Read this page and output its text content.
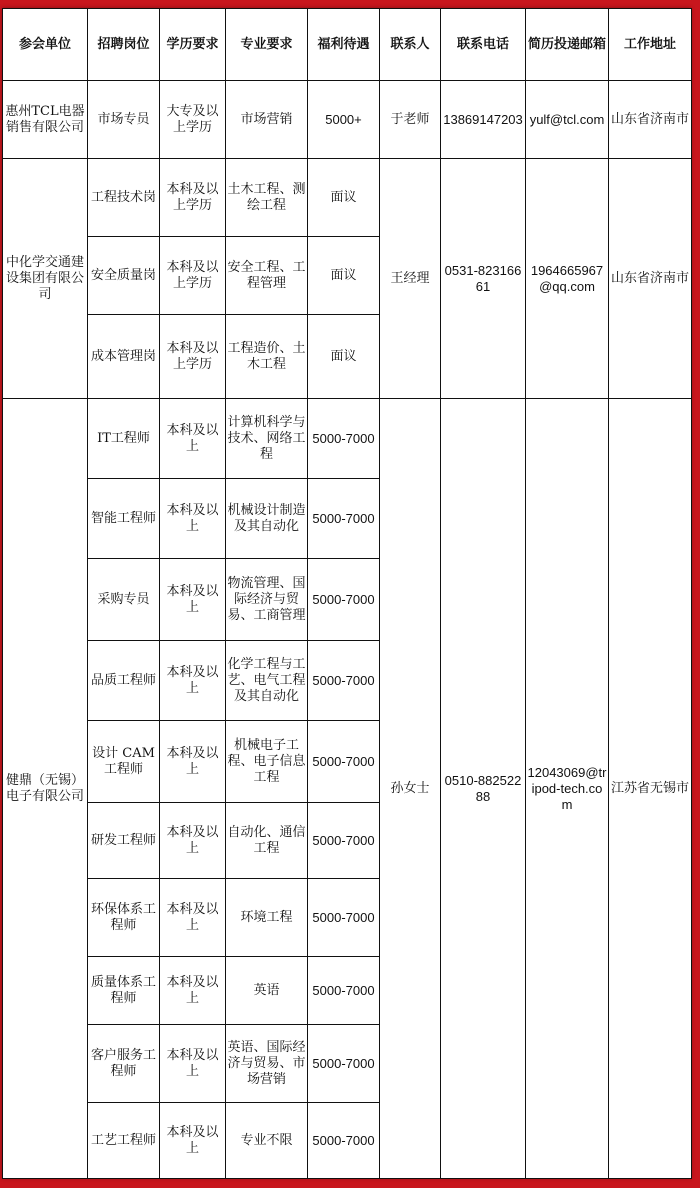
参会单位	招聘岗位	学历要求	专业要求	福利待遇	联系人	联系电话	简历投递邮箱	工作地址
惠州TCL电器销售有限公司	市场专员	大专及以上学历	市场营销	5000+	于老师	13869147203	yulf@tcl.com	山东省济南市
中化学交通建设集团有限公司	工程技术岗	本科及以上学历	土木工程、测绘工程	面议	王经理	0531-82316661	1964665967@qq.com	山东省济南市
	安全质量岗	本科及以上学历	安全工程、工程管理	面议				
	成本管理岗	本科及以上学历	工程造价、土木工程	面议				
健鼎（无锡）电子有限公司	IT工程师	本科及以上	计算机科学与技术、网络工程	5000-7000	孙女士	0510-88252288	12043069@tripod-tech.com	江苏省无锡市
	智能工程师	本科及以上	机械设计制造及其自动化	5000-7000				
	采购专员	本科及以上	物流管理、国际经济与贸易、工商管理	5000-7000				
	品质工程师	本科及以上	化学工程与工艺、电气工程及其自动化	5000-7000				
	设计 CAM 工程师	本科及以上	机械电子工程、电子信息工程	5000-7000				
	研发工程师	本科及以上	自动化、通信工程	5000-7000				
	环保体系工程师	本科及以上	环境工程	5000-7000				
	质量体系工程师	本科及以上	英语	5000-7000				
	客户服务工程师	本科及以上	英语、国际经济与贸易、市场营销	5000-7000				
	工艺工程师	本科及以上	专业不限	5000-7000				
